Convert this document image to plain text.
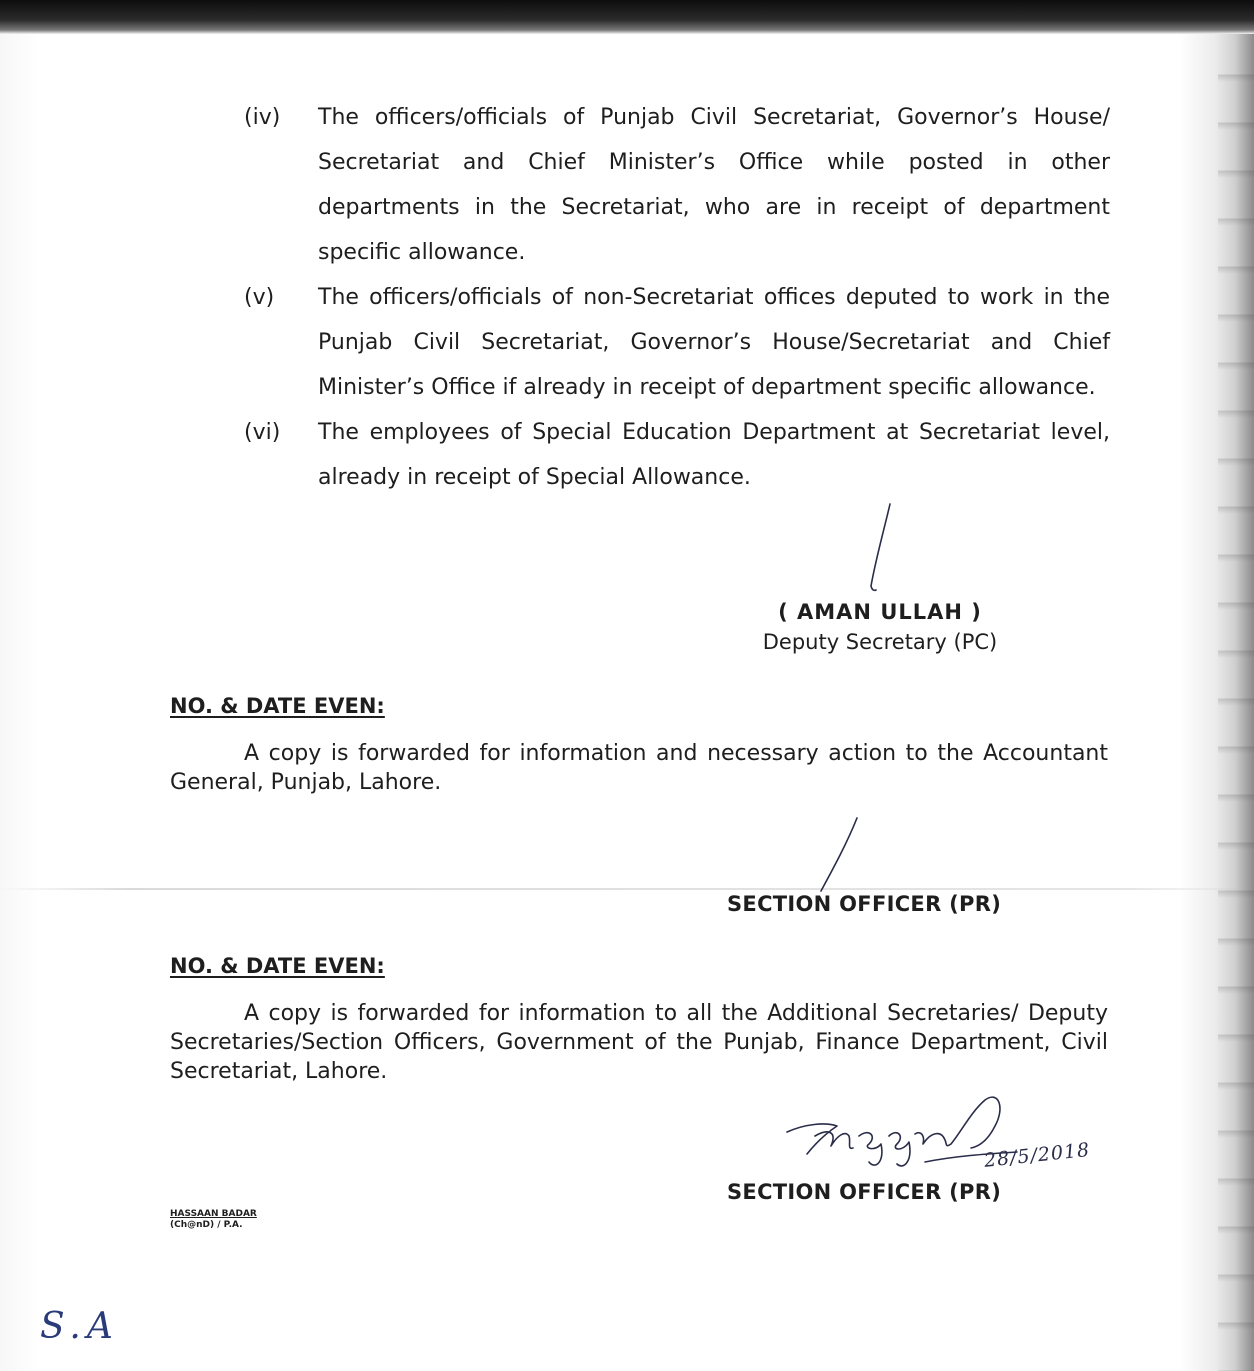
(iv) The officers/officials of Punjab Civil Secretariat, Governor’s House/ Secretariat and Chief Minister’s Office while posted in other departments in the Secretariat, who are in receipt of department specific allowance.

(v) The officers/officials of non-Secretariat offices deputed to work in the Punjab Civil Secretariat, Governor’s House/Secretariat and Chief Minister’s Office if already in receipt of department specific allowance.

(vi) The employees of Special Education Department at Secretariat level, already in receipt of Special Allowance.

( AMAN ULLAH )
Deputy Secretary (PC)
NO. & DATE EVEN:

A copy is forwarded for information and necessary action to the Accountant General, Punjab, Lahore.

SECTION OFFICER (PR)
NO. & DATE EVEN:

A copy is forwarded for information to all the Additional Secretaries/ Deputy Secretaries/Section Officers, Government of the Punjab, Finance Department, Civil Secretariat, Lahore.

28/5/2018
SECTION OFFICER (PR)
HASSAAN BADAR
(Ch@nD) / P.A.
S.A
